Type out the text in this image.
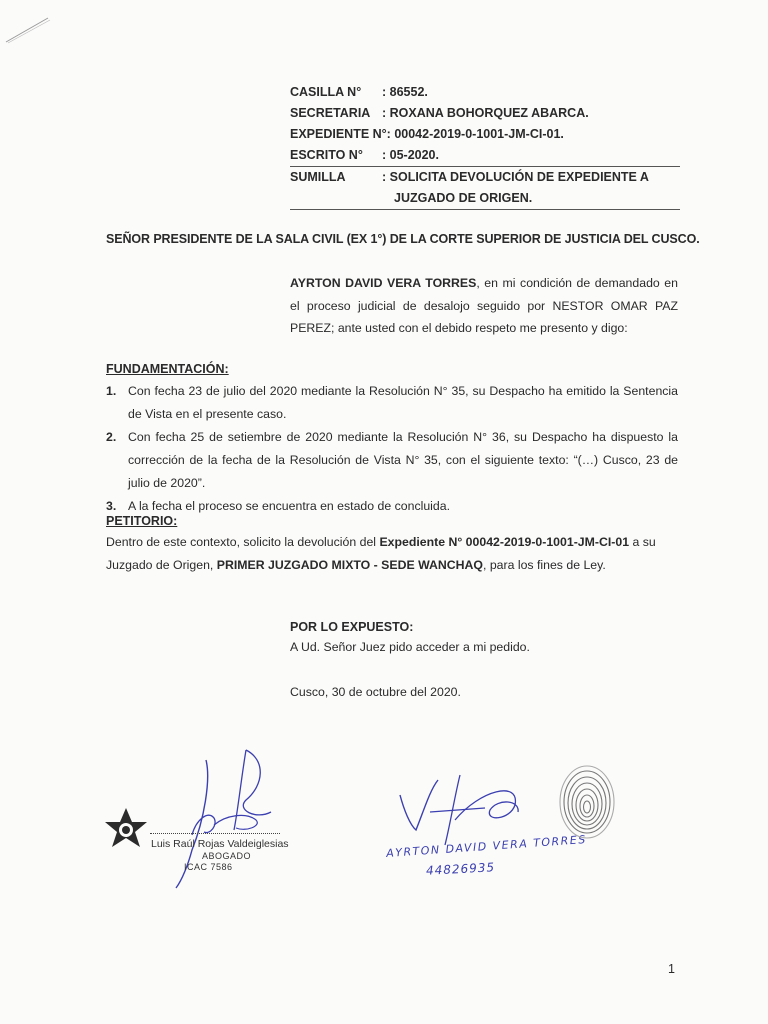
CASILLA N° : 86552.
SECRETARIA : ROXANA BOHORQUEZ ABARCA.
EXPEDIENTE N°: 00042-2019-0-1001-JM-CI-01.
ESCRITO N° : 05-2020.
SUMILLA	: SOLICITA DEVOLUCIÓN DE EXPEDIENTE A
JUZGADO DE ORIGEN.
SEÑOR PRESIDENTE DE LA SALA CIVIL (EX 1°) DE LA CORTE SUPERIOR DE JUSTICIA DEL CUSCO.
AYRTON DAVID VERA TORRES, en mi condición de demandado en el proceso judicial de desalojo seguido por NESTOR OMAR PAZ PEREZ; ante usted con el debido respeto me presento y digo:
FUNDAMENTACIÓN:
1. Con fecha 23 de julio del 2020 mediante la Resolución N° 35, su Despacho ha emitido la Sentencia de Vista en el presente caso.
2. Con fecha 25 de setiembre de 2020 mediante la Resolución N° 36, su Despacho ha dispuesto la corrección de la fecha de la Resolución de Vista N° 35, con el siguiente texto: “(…) Cusco, 23 de julio de 2020”.
3. A la fecha el proceso se encuentra en estado de concluida.
PETITORIO:
Dentro de este contexto, solicito la devolución del Expediente N° 00042-2019-0-1001-JM-CI-01 a su Juzgado de Origen, PRIMER JUZGADO MIXTO - SEDE WANCHAQ, para los fines de Ley.
POR LO EXPUESTO:
A Ud. Señor Juez pido acceder a mi pedido.
Cusco, 30 de octubre del 2020.
Luis Raúl Rojas Valdeiglesias
ABOGADO
ICAC 7586
AYRTON DAVID VERA TORRES
44826935
1
